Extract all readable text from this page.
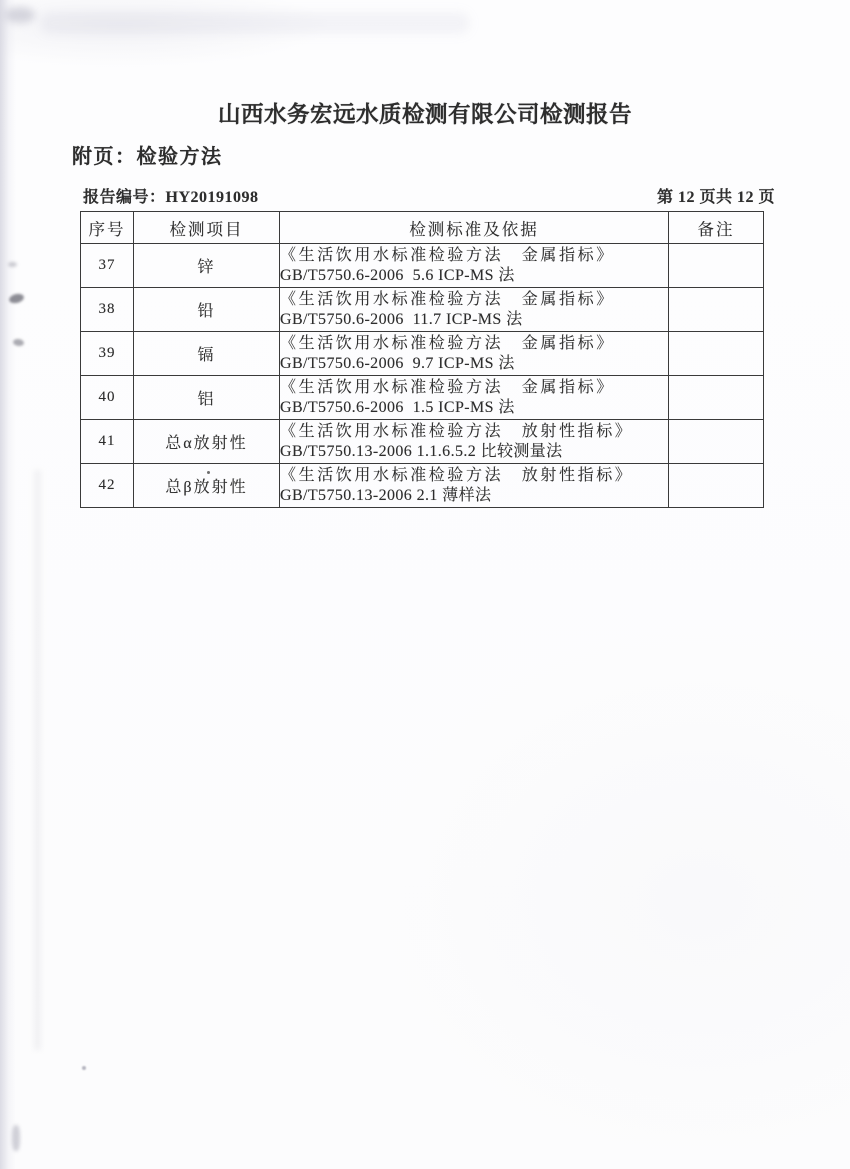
山西水务宏远水质检测有限公司检测报告
附页：检验方法
报告编号：HY20191098	第 12 页共 12 页
序号	检测项目	检测标准及依据	备注
37	锌	《生活饮用水标准检验方法　金属指标》
GB/T5750.6-2006  5.6 ICP-MS 法	

38	铅	《生活饮用水标准检验方法　金属指标》
GB/T5750.6-2006  11.7 ICP-MS 法	

39	镉	《生活饮用水标准检验方法　金属指标》
GB/T5750.6-2006  9.7 ICP-MS 法	

40	铝	《生活饮用水标准检验方法　金属指标》
GB/T5750.6-2006  1.5 ICP-MS 法	

41	总α放射性	《生活饮用水标准检验方法　放射性指标》
GB/T5750.13-2006 1.1.6.5.2 比较测量法	

42	总β放射性	《生活饮用水标准检验方法　放射性指标》
GB/T5750.13-2006 2.1 薄样法	
